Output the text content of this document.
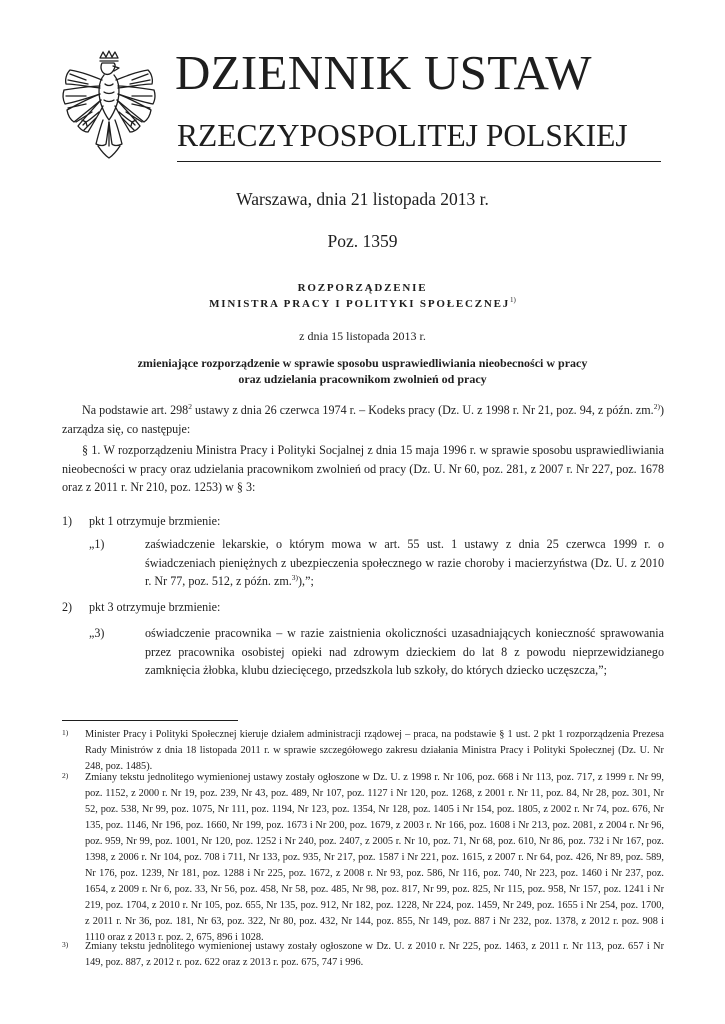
DZIENNIK USTAW
RZECZYPOSPOLITEJ POLSKIEJ
Warszawa, dnia 21 listopada 2013 r.
Poz. 1359
ROZPORZĄDZENIE
MINISTRA PRACY I POLITYKI SPOŁECZNEJ$^{1)}$
z dnia 15 listopada 2013 r.
zmieniające rozporządzenie w sprawie sposobu usprawiedliwiania nieobecności w pracy
oraz udzielania pracownikom zwolnień od pracy
Na podstawie art. $298^2$ ustawy z dnia 26 czerwca 1974 r. – Kodeks pracy (Dz. U. z 1998 r. Nr 21, poz. 94, z późn. zm.$^{2)}$) zarządza się, co następuje:
§ 1. W rozporządzeniu Ministra Pracy i Polityki Socjalnej z dnia 15 maja 1996 r. w sprawie sposobu usprawiedliwiania nieobecności w pracy oraz udzielania pracownikom zwolnień od pracy (Dz. U. Nr 60, poz. 281, z 2007 r. Nr 227, poz. 1678 oraz z 2011 r. Nr 210, poz. 1253) w § 3:
1) pkt 1 otrzymuje brzmienie:
„1)	zaświadczenie lekarskie, o którym mowa w art. 55 ust. 1 ustawy z dnia 25 czerwca 1999 r. o świadczeniach pieniężnych z ubezpieczenia społecznego w razie choroby i macierzyństwa (Dz. U. z 2010 r. Nr 77, poz. 512, z późn. zm.$^{3)}$),”;
2) pkt 3 otrzymuje brzmienie:
„3)	oświadczenie pracownika – w razie zaistnienia okoliczności uzasadniających konieczność sprawowania przez pracownika osobistej opieki nad zdrowym dzieckiem do lat 8 z powodu nieprzewidzianego zamknięcia żłobka, klubu dziecięcego, przedszkola lub szkoły, do których dziecko uczęszcza,”;
1) Minister Pracy i Polityki Społecznej kieruje działem administracji rządowej – praca, na podstawie § 1 ust. 2 pkt 1 rozporządzenia Prezesa Rady Ministrów z dnia 18 listopada 2011 r. w sprawie szczegółowego zakresu działania Ministra Pracy i Polityki Społecznej (Dz. U. Nr 248, poz. 1485).
2) Zmiany tekstu jednolitego wymienionej ustawy zostały ogłoszone w Dz. U. z 1998 r. Nr 106, poz. 668 i Nr 113, poz. 717, z 1999 r. Nr 99, poz. 1152, z 2000 r. Nr 19, poz. 239, Nr 43, poz. 489, Nr 107, poz. 1127 i Nr 120, poz. 1268, z 2001 r. Nr 11, poz. 84, Nr 28, poz. 301, Nr 52, poz. 538, Nr 99, poz. 1075, Nr 111, poz. 1194, Nr 123, poz. 1354, Nr 128, poz. 1405 i Nr 154, poz. 1805, z 2002 r. Nr 74, poz. 676, Nr 135, poz. 1146, Nr 196, poz. 1660, Nr 199, poz. 1673 i Nr 200, poz. 1679, z 2003 r. Nr 166, poz. 1608 i Nr 213, poz. 2081, z 2004 r. Nr 96, poz. 959, Nr 99, poz. 1001, Nr 120, poz. 1252 i Nr 240, poz. 2407, z 2005 r. Nr 10, poz. 71, Nr 68, poz. 610, Nr 86, poz. 732 i Nr 167, poz. 1398, z 2006 r. Nr 104, poz. 708 i 711, Nr 133, poz. 935, Nr 217, poz. 1587 i Nr 221, poz. 1615, z 2007 r. Nr 64, poz. 426, Nr 89, poz. 589, Nr 176, poz. 1239, Nr 181, poz. 1288 i Nr 225, poz. 1672, z 2008 r. Nr 93, poz. 586, Nr 116, poz. 740, Nr 223, poz. 1460 i Nr 237, poz. 1654, z 2009 r. Nr 6, poz. 33, Nr 56, poz. 458, Nr 58, poz. 485, Nr 98, poz. 817, Nr 99, poz. 825, Nr 115, poz. 958, Nr 157, poz. 1241 i Nr 219, poz. 1704, z 2010 r. Nr 105, poz. 655, Nr 135, poz. 912, Nr 182, poz. 1228, Nr 224, poz. 1459, Nr 249, poz. 1655 i Nr 254, poz. 1700, z 2011 r. Nr 36, poz. 181, Nr 63, poz. 322, Nr 80, poz. 432, Nr 144, poz. 855, Nr 149, poz. 887 i Nr 232, poz. 1378, z 2012 r. poz. 908 i 1110 oraz z 2013 r. poz. 2, 675, 896 i 1028.
3) Zmiany tekstu jednolitego wymienionej ustawy zostały ogłoszone w Dz. U. z 2010 r. Nr 225, poz. 1463, z 2011 r. Nr 113, poz. 657 i Nr 149, poz. 887, z 2012 r. poz. 622 oraz z 2013 r. poz. 675, 747 i 996.
